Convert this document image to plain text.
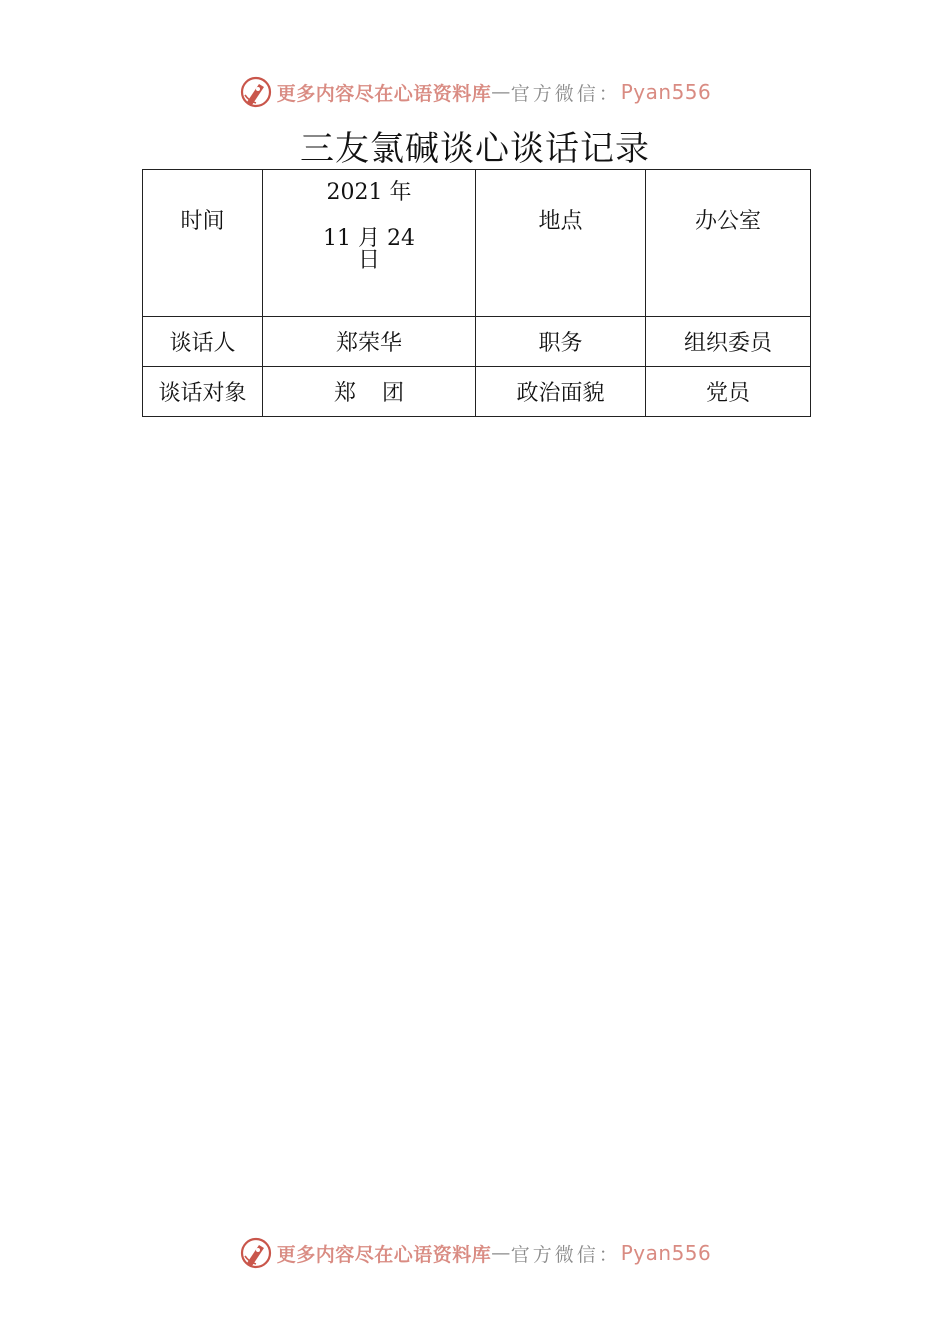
更多内容尽在心语资料库 — 官方微信： Pyan556
三友氯碱谈心谈话记录
时间	2021 年
11 月 24
日	地点	办公室
谈话人	郑荣华	职务	组织委员
谈话对象	郑 团	政治面貌	党员
更多内容尽在心语资料库 — 官方微信： Pyan556
